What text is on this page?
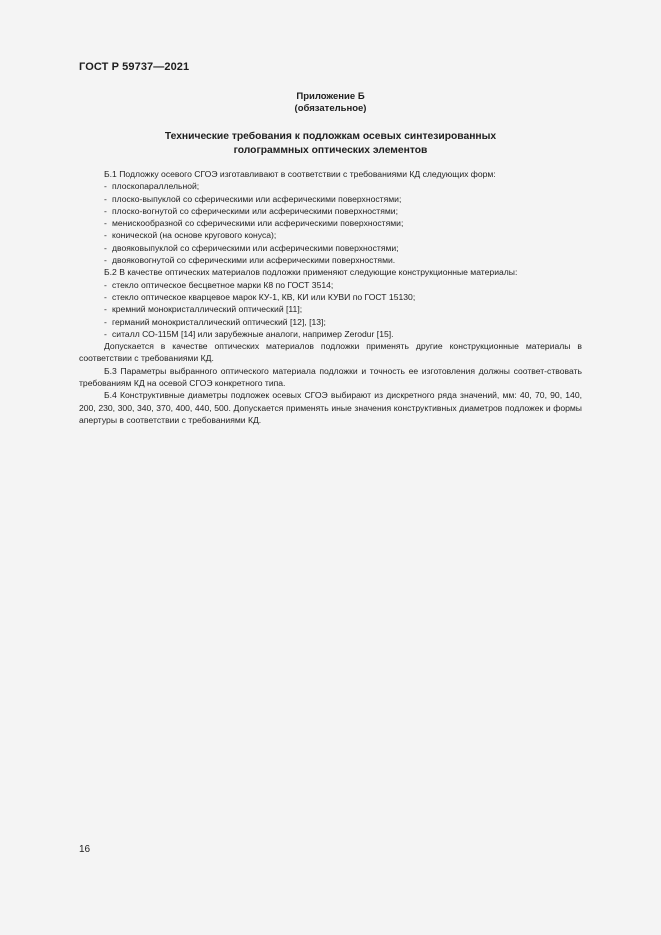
ГОСТ Р 59737—2021
Приложение Б
(обязательное)
Технические требования к подложкам осевых синтезированных
голограммных оптических элементов

Б.1 Подложку осевого СГОЭ изготавливают в соответствии с требованиями КД следующих форм:

- плоскопараллельной;
- плоско-выпуклой со сферическими или асферическими поверхностями;
- плоско-вогнутой со сферическими или асферическими поверхностями;
- менискообразной со сферическими или асферическими поверхностями;
- конической (на основе кругового конуса);
- двояковыпуклой со сферическими или асферическими поверхностями;
- двояковогнутой со сферическими или асферическими поверхностями.

Б.2 В качестве оптических материалов подложки применяют следующие конструкционные материалы:

- стекло оптическое бесцветное марки К8 по ГОСТ 3514;
- стекло оптическое кварцевое марок КУ-1, КВ, КИ или КУВИ по ГОСТ 15130;
- кремний монокристаллический оптический [11];
- германий монокристаллический оптический [12], [13];
- ситалл СО-115М [14] или зарубежные аналоги, например Zerodur [15].

Допускается в качестве оптических материалов подложки применять другие конструкционные материалы в соответствии с требованиями КД.

Б.3 Параметры выбранного оптического материала подложки и точность ее изготовления должны соответ-ствовать требованиям КД на осевой СГОЭ конкретного типа.

Б.4 Конструктивные диаметры подложек осевых СГОЭ выбирают из дискретного ряда значений, мм: 40, 70, 90, 140, 200, 230, 300, 340, 370, 400, 440, 500. Допускается применять иные значения конструктивных диаметров подложек и формы апертуры в соответствии с требованиями КД.

16
